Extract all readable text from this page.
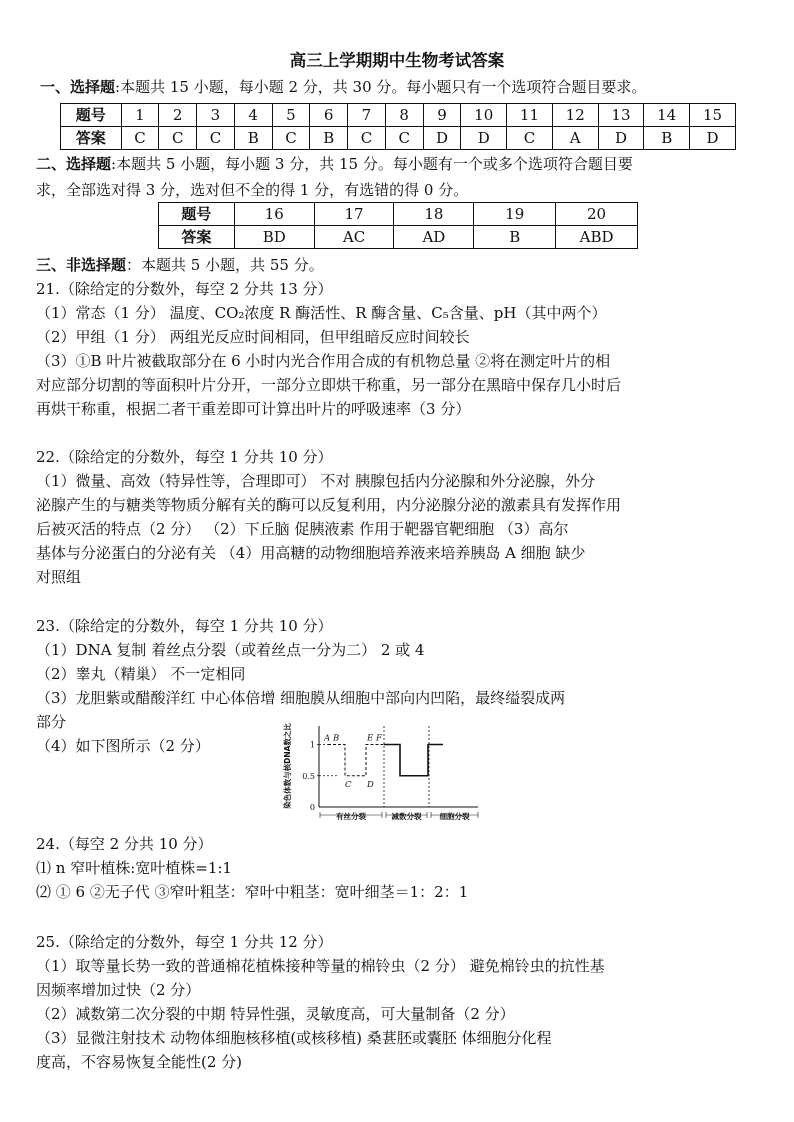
高三上学期期中生物考试答案
一、选择题:本题共 15 小题，每小题 2 分，共 30 分。每小题只有一个选项符合题目要求。
题号	1	2	3	4	5	6	7	8	9	10	11	12	13	14	15
答案	C	C	C	B	C	B	C	C	D	D	C	A	D	B	D
二、选择题:本题共 5 小题，每小题 3 分，共 15 分。每小题有一个或多个选项符合题目要
求，全部选对得 3 分，选对但不全的得 1 分，有选错的得 0 分。
题号	16	17	18	19	20
答案	BD	AC	AD	B	ABD
三、非选择题：本题共 5 小题，共 55 分。
21.（除给定的分数外，每空 2 分共 13 分）
（1）常态（1 分） 温度、CO₂浓度 R 酶活性、R 酶含量、C₅含量、pH（其中两个）
（2）甲组（1 分） 两组光反应时间相同，但甲组暗反应时间较长
（3）①B 叶片被截取部分在 6 小时内光合作用合成的有机物总量 ②将在测定叶片的相
对应部分切割的等面积叶片分开，一部分立即烘干称重，另一部分在黑暗中保存几小时后
再烘干称重，根据二者干重差即可计算出叶片的呼吸速率（3 分）
22.（除给定的分数外，每空 1 分共 10 分）
（1）微量、高效（特异性等，合理即可） 不对 胰腺包括内分泌腺和外分泌腺，外分
泌腺产生的与糖类等物质分解有关的酶可以反复利用，内分泌腺分泌的激素具有发挥作用
后被灭活的特点（2 分） （2）下丘脑 促胰液素 作用于靶器官靶细胞 （3）高尔
基体与分泌蛋白的分泌有关 （4）用高糖的动物细胞培养液来培养胰岛 A 细胞 缺少
对照组
23.（除给定的分数外，每空 1 分共 10 分）
（1）DNA 复制 着丝点分裂（或着丝点一分为二） 2 或 4
（2）睾丸（精巢） 不一定相同
（3）龙胆紫或醋酸洋红 中心体倍增 细胞膜从细胞中部向内凹陷，最终缢裂成两
部分
（4）如下图所示（2 分）	染色体数与核DNA数之比 1
0.5
0
A B
C D
E F
有丝分裂	减数分裂 细胞分裂
24.（每空 2 分共 10 分）
⑴ n 窄叶植株:宽叶植株=1:1
⑵ ① 6 ②无子代 ③窄叶粗茎：窄叶中粗茎：宽叶细茎＝1：2：1
25.（除给定的分数外，每空 1 分共 12 分）
（1）取等量长势一致的普通棉花植株接种等量的棉铃虫（2 分） 避免棉铃虫的抗性基
因频率增加过快（2 分）
（2）减数第二次分裂的中期 特异性强，灵敏度高，可大量制备（2 分）
（3）显微注射技术 动物体细胞核移植(或核移植) 桑葚胚或囊胚 体细胞分化程
度高，不容易恢复全能性(2 分)
